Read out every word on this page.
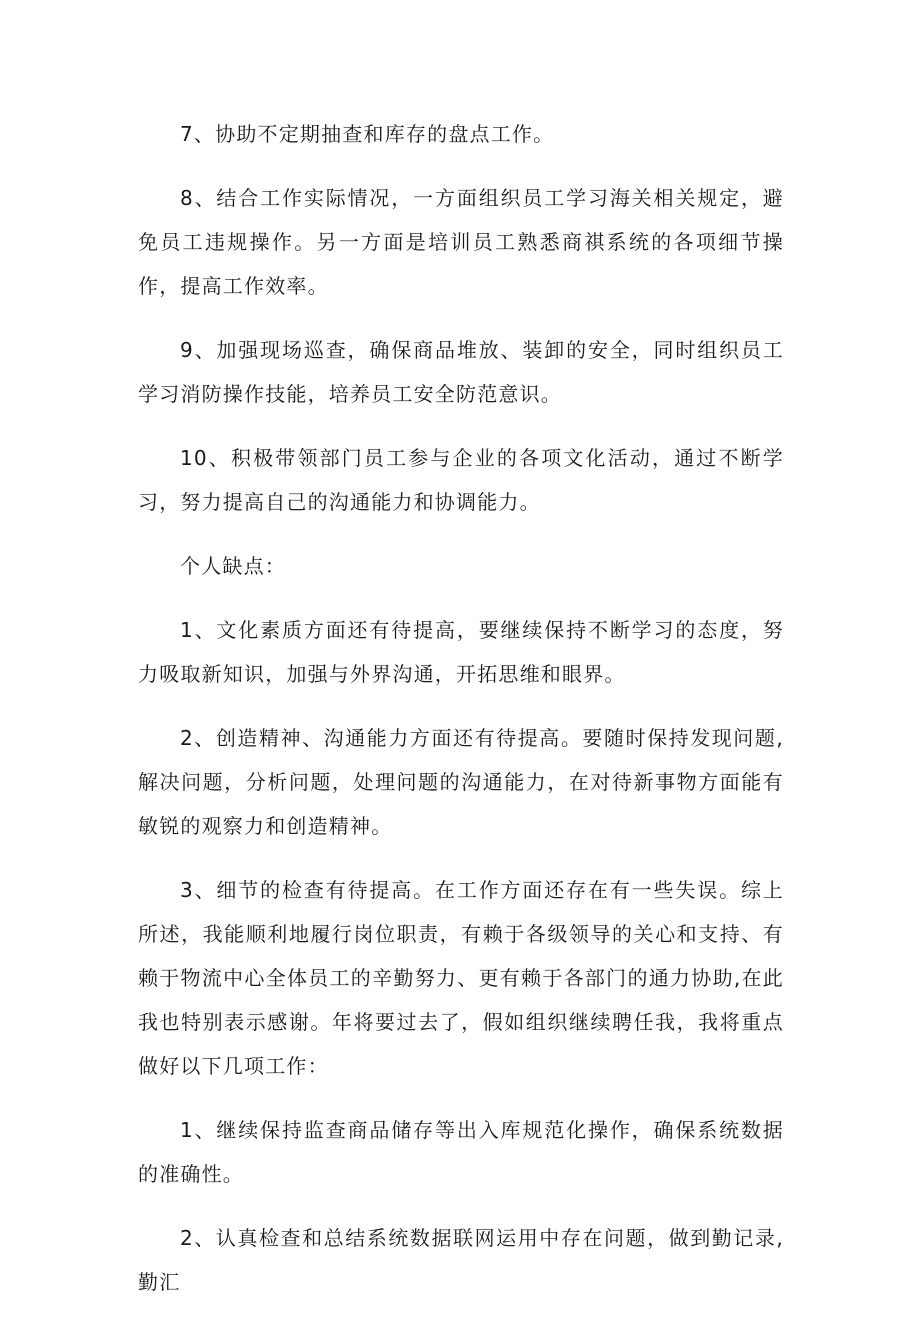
7、协助不定期抽查和库存的盘点工作。

8、结合工作实际情况，一方面组织员工学习海关相关规定，避免员工违规操作。另一方面是培训员工熟悉商祺系统的各项细节操作，提高工作效率。

9、加强现场巡查，确保商品堆放、装卸的安全，同时组织员工学习消防操作技能，培养员工安全防范意识。

10、积极带领部门员工参与企业的各项文化活动，通过不断学习，努力提高自己的沟通能力和协调能力。

个人缺点：

1、文化素质方面还有待提高，要继续保持不断学习的态度，努力吸取新知识，加强与外界沟通，开拓思维和眼界。

2、创造精神、沟通能力方面还有待提高。要随时保持发现问题,解决问题，分析问题，处理问题的沟通能力，在对待新事物方面能有敏锐的观察力和创造精神。

3、细节的检查有待提高。在工作方面还存在有一些失误。综上所述，我能顺利地履行岗位职责，有赖于各级领导的关心和支持、有赖于物流中心全体员工的辛勤努力、更有赖于各部门的通力协助,在此我也特别表示感谢。年将要过去了，假如组织继续聘任我，我将重点做好以下几项工作：

1、继续保持监查商品储存等出入库规范化操作，确保系统数据的准确性。

2、认真检查和总结系统数据联网运用中存在问题，做到勤记录,勤汇
